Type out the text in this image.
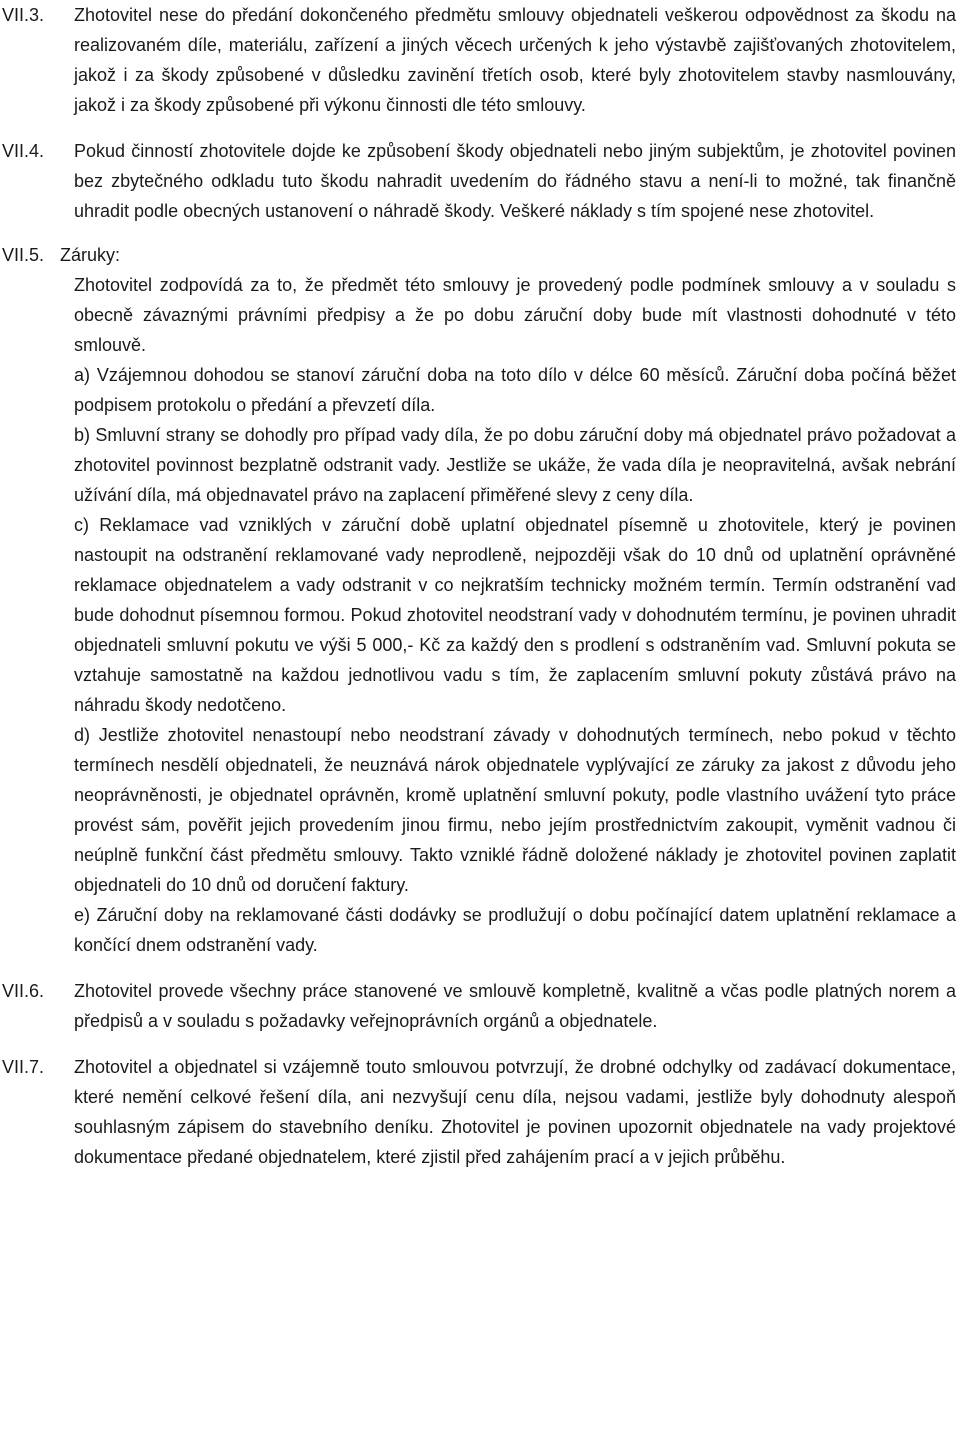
VII.3. Zhotovitel nese do předání dokončeného předmětu smlouvy objednateli veškerou odpovědnost za škodu na realizovaném díle, materiálu, zařízení a jiných věcech určených k jeho výstavbě zajišťovaných zhotovitelem, jakož i za škody způsobené v důsledku zavinění třetích osob, které byly zhotovitelem stavby nasmlouvány, jakož i za škody způsobené při výkonu činnosti dle této smlouvy.
VII.4. Pokud činností zhotovitele dojde ke způsobení škody objednateli nebo jiným subjektům, je zhotovitel povinen bez zbytečného odkladu tuto škodu nahradit uvedením do řádného stavu a není-li to možné, tak finančně uhradit podle obecných ustanovení o náhradě škody. Veškeré náklady s tím spojené nese zhotovitel.
VII.5. Záruky:
Zhotovitel zodpovídá za to, že předmět této smlouvy je provedený podle podmínek smlouvy a v souladu s obecně závaznými právními předpisy a že po dobu záruční doby bude mít vlastnosti dohodnuté v této smlouvě.
a) Vzájemnou dohodou se stanoví záruční doba na toto dílo v délce 60 měsíců. Záruční doba počíná běžet podpisem protokolu o předání a převzetí díla.
b) Smluvní strany se dohodly pro případ vady díla, že po dobu záruční doby má objednatel právo požadovat a zhotovitel povinnost bezplatně odstranit vady. Jestliže se ukáže, že vada díla je neopravitelná, avšak nebrání užívání díla, má objednavatel právo na zaplacení přiměřené slevy z ceny díla.
c) Reklamace vad vzniklých v záruční době uplatní objednatel písemně u zhotovitele, který je povinen nastoupit na odstranění reklamované vady neprodleně, nejpozději však do 10 dnů od uplatnění oprávněné reklamace objednatelem a vady odstranit v co nejkratším technicky možném termín. Termín odstranění vad bude dohodnut písemnou formou. Pokud zhotovitel neodstraní vady v dohodnutém termínu, je povinen uhradit objednateli smluvní pokutu ve výši 5 000,- Kč za každý den s prodlení s odstraněním vad. Smluvní pokuta se vztahuje samostatně na každou jednotlivou vadu s tím, že zaplacením smluvní pokuty zůstává právo na náhradu škody nedotčeno.
d) Jestliže zhotovitel nenastoupí nebo neodstraní závady v dohodnutých termínech, nebo pokud v těchto termínech nesdělí objednateli, že neuznává nárok objednatele vyplývající ze záruky za jakost z důvodu jeho neoprávněnosti, je objednatel oprávněn, kromě uplatnění smluvní pokuty, podle vlastního uvážení tyto práce provést sám, pověřit jejich provedením jinou firmu, nebo jejím prostřednictvím zakoupit, vyměnit vadnou či neúplně funkční část předmětu smlouvy. Takto vzniklé řádně doložené náklady je zhotovitel povinen zaplatit objednateli do 10 dnů od doručení faktury.
e) Záruční doby na reklamované části dodávky se prodlužují o dobu počínající datem uplatnění reklamace a končící dnem odstranění vady.
VII.6. Zhotovitel provede všechny práce stanovené ve smlouvě kompletně, kvalitně a včas podle platných norem a předpisů a v souladu s požadavky veřejnoprávních orgánů a objednatele.
VII.7. Zhotovitel a objednatel si vzájemně touto smlouvou potvrzují, že drobné odchylky od zadávací dokumentace, které nemění celkové řešení díla, ani nezvyšují cenu díla, nejsou vadami, jestliže byly dohodnuty alespoň souhlasným zápisem do stavebního deníku. Zhotovitel je povinen upozornit objednatele na vady projektové dokumentace předané objednatelem, které zjistil před zahájením prací a v jejich průběhu.
